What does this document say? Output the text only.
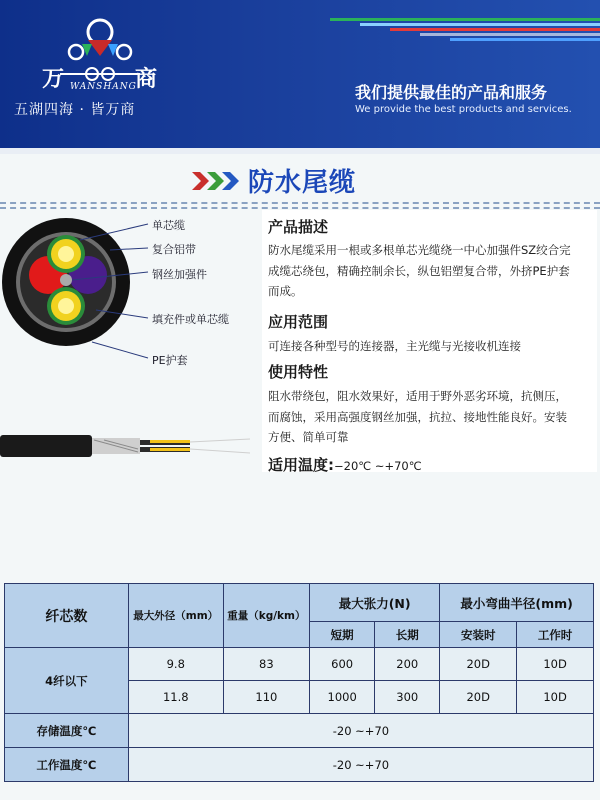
万	商
WANSHANG
五湖四海 · 皆万商
我们提供最佳的产品和服务
We provide the best products and services.
防水尾缆
单芯缆
复合铝带
钢丝加强件
填充件或单芯缆
PE护套
产品描述
防水尾缆采用一根或多根单芯光缆绕一中心加强件SZ绞合完
成缆芯绕包，精确控制余长，纵包铝塑复合带，外挤PE护套
而成。
应用范围
可连接各种型号的连接器，主光缆与光接收机连接
使用特性
阻水带绕包，阻水效果好，适用于野外恶劣环境，抗侧压，
而腐蚀，采用高强度钢丝加强，抗拉、接地性能良好。安装
方便、简单可靠
适用温度:−20℃ ~+70℃
纤芯数	最大外径（mm）	重量（kg/km）	最大张力(N)		最小弯曲半径(mm)	
			短期	长期	安装时	工作时
4纤以下	9.8	83	600	200	20D	10D
	11.8	110	1000	300	20D	10D
存储温度℃	-20 ~+70					
工作温度℃	-20 ~+70					
